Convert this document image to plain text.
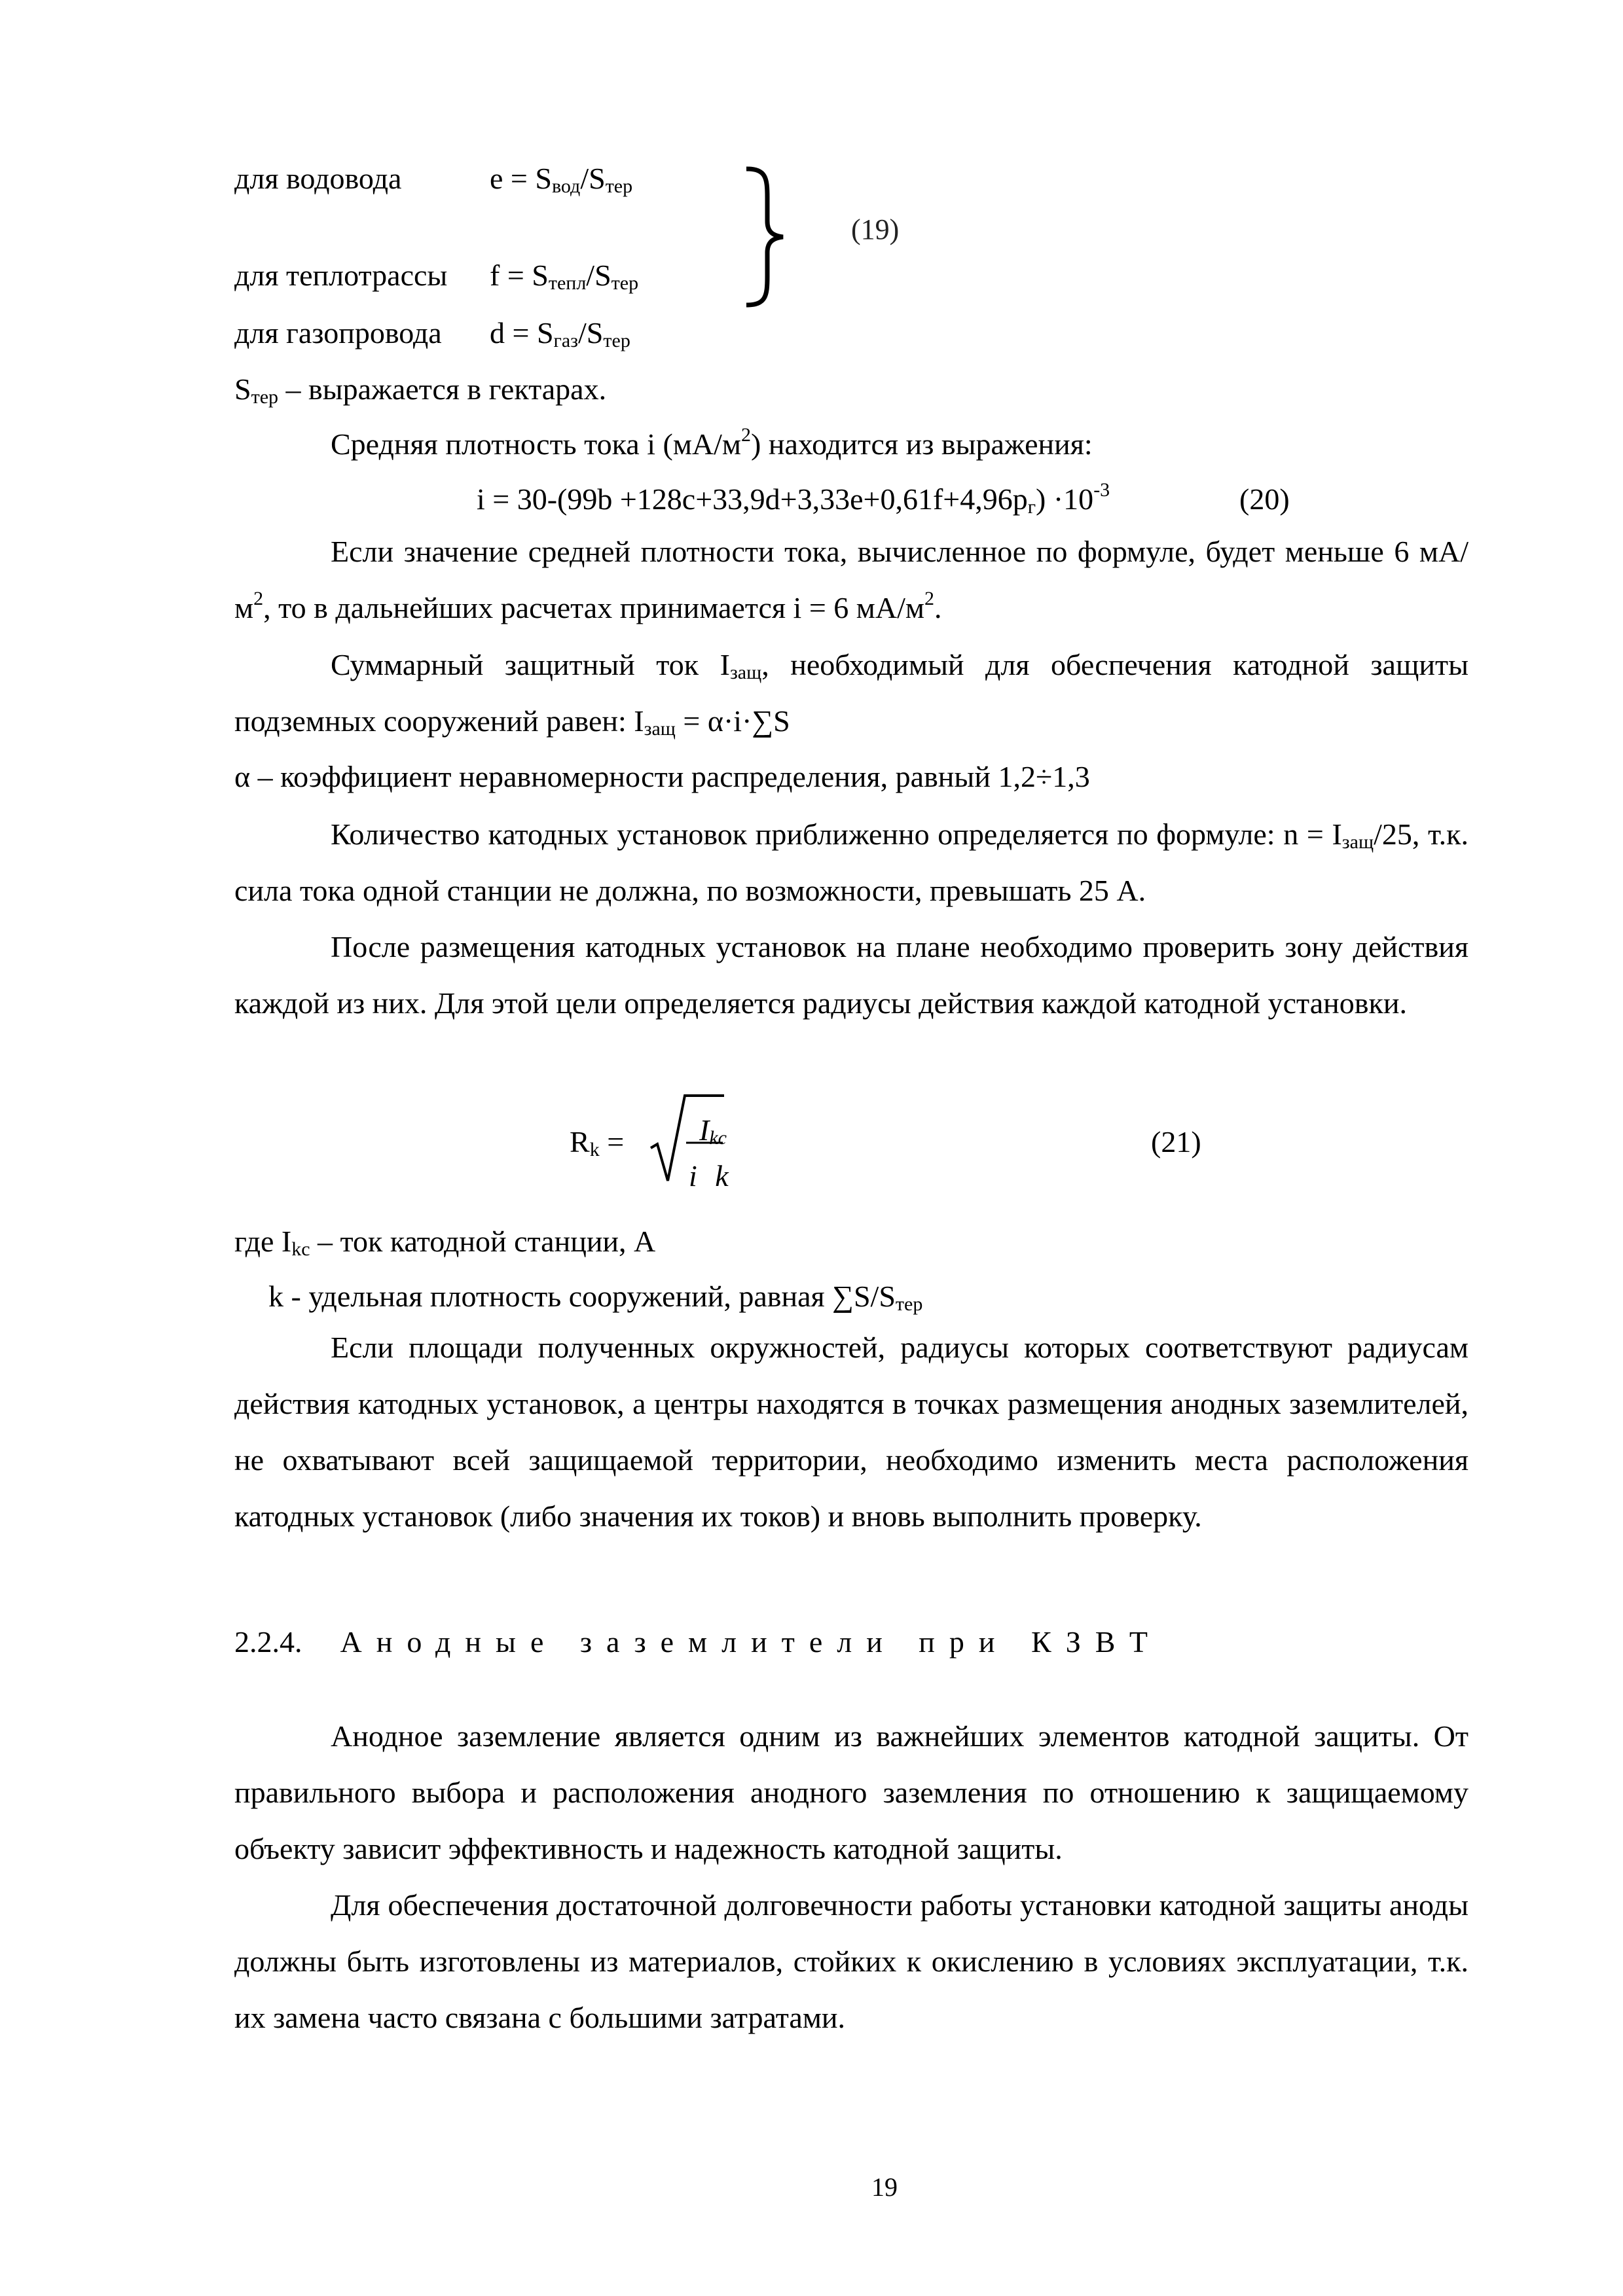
для водовода	$e = S_{вод}/S_{тер}$
для теплотрассы $f = S_{тепл}/S_{тер}$
для газопровода $d = S_{газ}/S_{тер}$
(19)
$S_{тер}$ – выражается в гектарах.
Средняя плотность тока i $(мА/м^2)$ находится из выражения:
$i = 30-(99b +128c+33,9d+3,33e+0,61f+4,96p_г) \cdot 10^{-3}$	(20)
Если значение средней плотности тока, вычисленное по формуле, будет меньше 6 $мА/м^2$, то в дальнейших расчетах принимается i = 6 $мА/м^2$.
Суммарный защитный ток $I_{защ}$, необходимый для обеспечения катодной защиты подземных сооружений равен: $I_{защ} = \alpha\cdot i\cdot\sum S$
α – коэффициент неравномерности распределения, равный 1,2÷1,3
Количество катодных установок приближенно определяется по формуле: $n = I_{защ}/25$, т.к. сила тока одной станции не должна, по возможности, превышать 25 А.
После размещения катодных установок на плане необходимо проверить зону действия каждой из них. Для этой цели определяется радиусы действия каждой катодной установки.
$R_k = I_{kc}$
i k
(21)
где $I_{kc}$ – ток катодной станции, А
k - удельная плотность сооружений, равная $\sum S/S_{тер}$
Если площади полученных окружностей, радиусы которых соответствуют радиусам действия катодных установок, а центры находятся в точках размещения анодных заземлителей, не охватывают всей защищаемой территории, необходимо изменить места расположения катодных установок (либо значения их токов) и вновь выполнить проверку.
2.2.4. Анодные заземлители при КЗВТ
Анодное заземление является одним из важнейших элементов катодной защиты. От правильного выбора и расположения анодного заземления по отношению к защищаемому объекту зависит эффективность и надежность катодной защиты.
Для обеспечения достаточной долговечности работы установки катодной защиты аноды должны быть изготовлены из материалов, стойких к окислению в условиях эксплуатации, т.к. их замена часто связана с большими затратами.
19
